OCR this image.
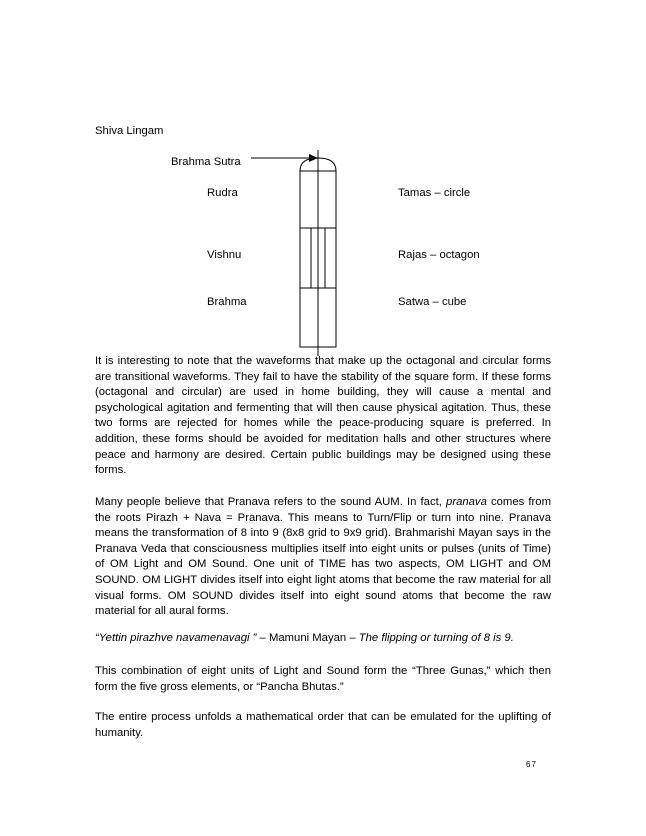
Shiva Lingam
Brahma Sutra
Rudra
Vishnu
Brahma
Tamas – circle
Rajas – octagon
Satwa – cube

It is interesting to note that the waveforms that make up the octagonal and circular forms are transitional waveforms. They fail to have the stability of the square form. If these forms (octagonal and circular) are used in home building, they will cause a mental and psychological agitation and fermenting that will then cause physical agitation. Thus, these two forms are rejected for homes while the peace-producing square is preferred. In addition, these forms should be avoided for meditation halls and other structures where peace and harmony are desired. Certain public buildings may be designed using these forms.

Many people believe that Pranava refers to the sound AUM. In fact, pranava comes from the roots Pirazh + Nava = Pranava. This means to Turn/Flip or turn into nine. Pranava means the transformation of 8 into 9 (8x8 grid to 9x9 grid). Brahmarishi Mayan says in the Pranava Veda that consciousness multiplies itself into eight units or pulses (units of Time) of OM Light and OM Sound. One unit of TIME has two aspects, OM LIGHT and OM SOUND. OM LIGHT divides itself into eight light atoms that become the raw material for all visual forms. OM SOUND divides itself into eight sound atoms that become the raw material for all aural forms.

“Yettin pirazhve navamenavagi ” – Mamuni Mayan – The flipping or turning of 8 is 9.

This combination of eight units of Light and Sound form the “Three Gunas,” which then form the five gross elements, or “Pancha Bhutas.”

The entire process unfolds a mathematical order that can be emulated for the uplifting of humanity.

67
